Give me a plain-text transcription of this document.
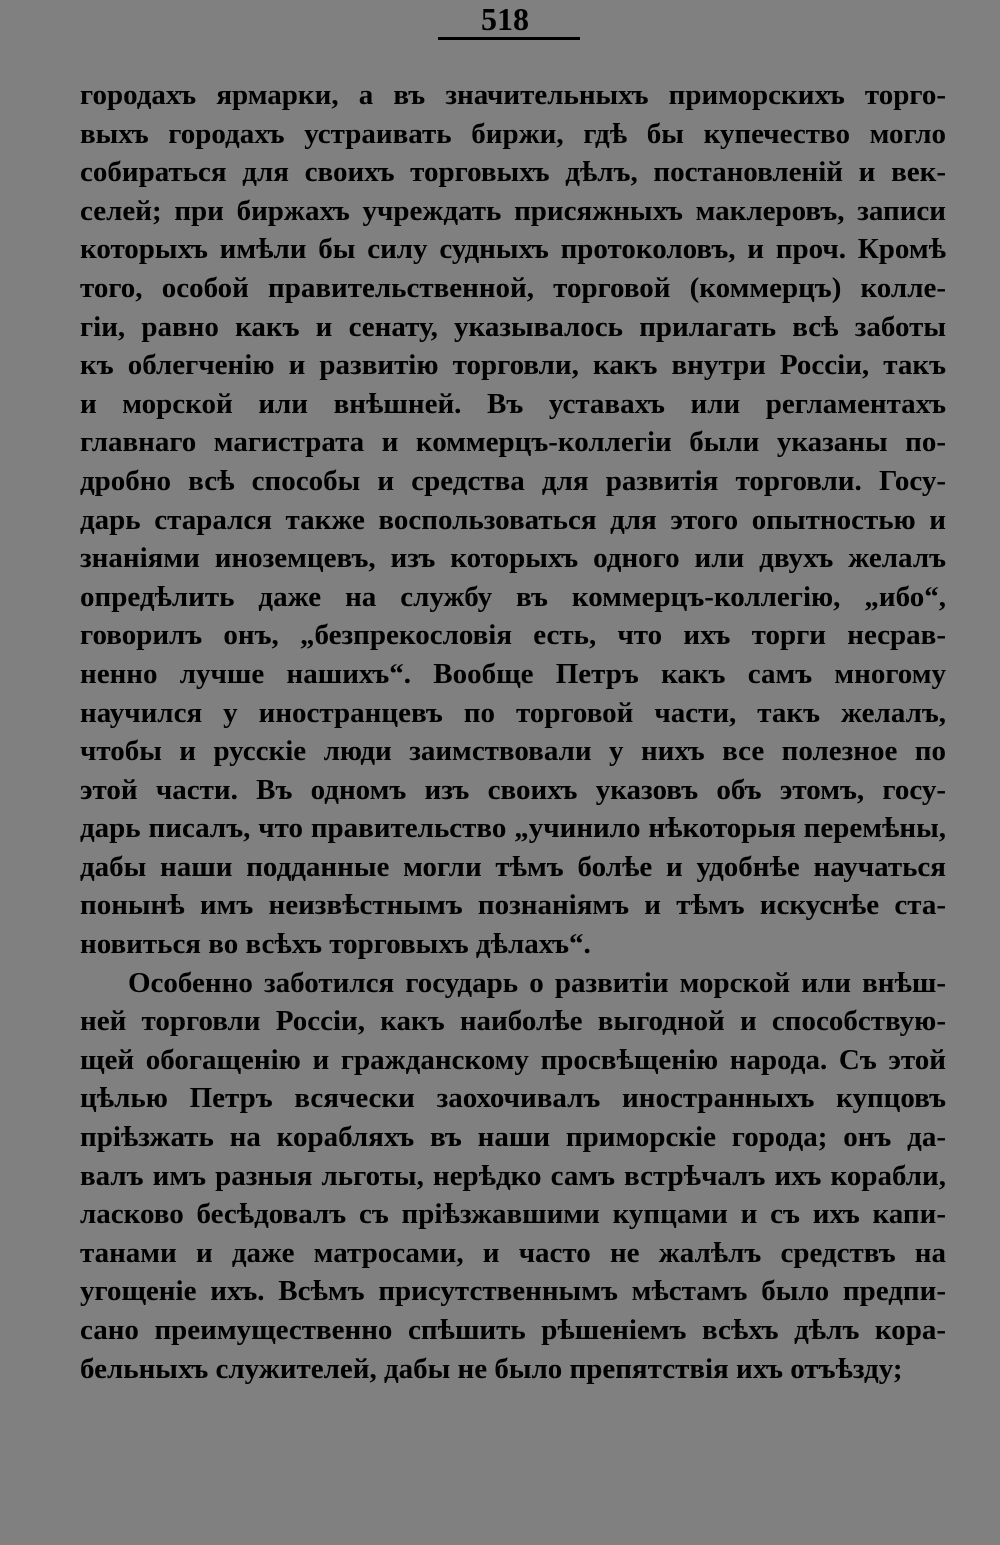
518
городахъ ярмарки, а въ значительныхъ приморскихъ торго-
выхъ городахъ устраивать биржи, гдѣ бы купечество могло
собираться для своихъ торговыхъ дѣлъ, постановленій и век-
селей; при биржахъ учреждать присяжныхъ маклеровъ, записи
которыхъ имѣли бы силу судныхъ протоколовъ, и проч. Кромѣ
того, особой правительственной, торговой (коммерцъ) колле-
гіи, равно какъ и сенату, указывалось прилагать всѣ заботы
къ облегченію и развитію торговли, какъ внутри Россіи, такъ
и морской или внѣшней. Въ уставахъ или регламентахъ
главнаго магистрата и коммерцъ-коллегіи были указаны по-
дробно всѣ способы и средства для развитія торговли. Госу-
дарь старался также воспользоваться для этого опытностью и
знаніями иноземцевъ, изъ которыхъ одного или двухъ желалъ
опредѣлить даже на службу въ коммерцъ-коллегію, „ибо“,
говорилъ онъ, „безпрекословія есть, что ихъ торги несрав-
ненно лучше нашихъ“. Вообще Петръ какъ самъ многому
научился у иностранцевъ по торговой части, такъ желалъ,
чтобы и русскіе люди заимствовали у нихъ все полезное по
этой части. Въ одномъ изъ своихъ указовъ объ этомъ, госу-
дарь писалъ, что правительство „учинило нѣкоторыя перемѣны,
дабы наши подданные могли тѣмъ болѣе и удобнѣе научаться
понынѣ имъ неизвѣстнымъ познаніямъ и тѣмъ искуснѣе ста-
новиться во всѣхъ торговыхъ дѣлахъ“.
Особенно заботился государь о развитіи морской или внѣш-
ней торговли Россіи, какъ наиболѣе выгодной и способствую-
щей обогащенію и гражданскому просвѣщенію народа. Съ этой
цѣлью Петръ всячески заохочивалъ иностранныхъ купцовъ
пріѣзжать на корабляхъ въ наши приморскіе города; онъ да-
валъ имъ разныя льготы, нерѣдко самъ встрѣчалъ ихъ корабли,
ласково бесѣдовалъ съ пріѣзжавшими купцами и съ ихъ капи-
танами и даже матросами, и часто не жалѣлъ средствъ на
угощеніе ихъ. Всѣмъ присутственнымъ мѣстамъ было предпи-
сано преимущественно спѣшить рѣшеніемъ всѣхъ дѣлъ кора-
бельныхъ служителей, дабы не было препятствія ихъ отъѣзду;
